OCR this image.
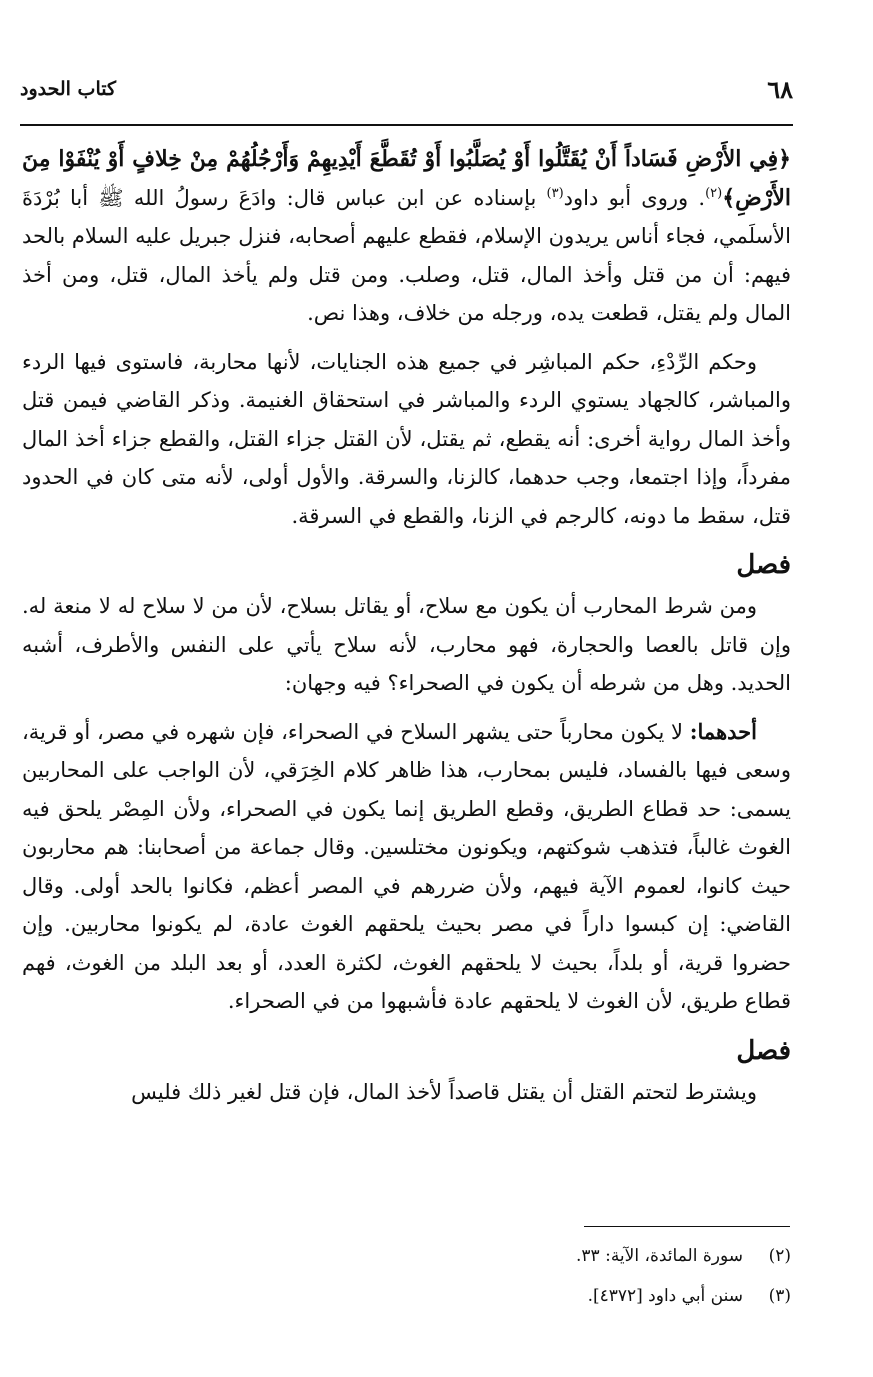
كتاب الحدود	٦٨

﴿فِي الأَرْضِ فَسَاداً أَنْ يُقَتَّلُوا أَوْ يُصَلَّبُوا أَوْ تُقَطَّعَ أَيْدِيهِمْ وَأَرْجُلُهُمْ مِنْ خِلافٍ أَوْ يُنْفَوْا مِنَ الأَرْضِ﴾$^{(٢)}$. وروى أبو داود$^{(٣)}$ بإسناده عن ابن عباس قال: وادَعَ رسولُ الله ﷺ أبا بُرْدَةَ الأسلَمي، فجاء أناس يريدون الإسلام، فقطع عليهم أصحابه، فنزل جبريل عليه السلام بالحد فيهم: أن من قتل وأخذ المال، قتل، وصلب. ومن قتل ولم يأخذ المال، قتل، ومن أخذ المال ولم يقتل، قطعت يده، ورجله من خلاف، وهذا نص.

وحكم الرِّدْءِ، حكم المباشِر في جميع هذه الجنايات، لأنها محاربة، فاستوى فيها الردء والمباشر، كالجهاد يستوي الردء والمباشر في استحقاق الغنيمة. وذكر القاضي فيمن قتل وأخذ المال رواية أخرى: أنه يقطع، ثم يقتل، لأن القتل جزاء القتل، والقطع جزاء أخذ المال مفرداً، وإذا اجتمعا، وجب حدهما، كالزنا، والسرقة. والأول أولى، لأنه متى كان في الحدود قتل، سقط ما دونه، كالرجم في الزنا، والقطع في السرقة.

فصل

ومن شرط المحارب أن يكون مع سلاح، أو يقاتل بسلاح، لأن من لا سلاح له لا منعة له. وإن قاتل بالعصا والحجارة، فهو محارب، لأنه سلاح يأتي على النفس والأطرف، أشبه الحديد. وهل من شرطه أن يكون في الصحراء؟ فيه وجهان:

أحدهما: لا يكون محارباً حتى يشهر السلاح في الصحراء، فإن شهره في مصر، أو قرية، وسعى فيها بالفساد، فليس بمحارب، هذا ظاهر كلام الخِرَقي، لأن الواجب على المحاربين يسمى: حد قطاع الطريق، وقطع الطريق إنما يكون في الصحراء، ولأن المِصْر يلحق فيه الغوث غالباً، فتذهب شوكتهم، ويكونون مختلسين. وقال جماعة من أصحابنا: هم محاربون حيث كانوا، لعموم الآية فيهم، ولأن ضررهم في المصر أعظم، فكانوا بالحد أولى. وقال القاضي: إن كبسوا داراً في مصر بحيث يلحقهم الغوث عادة، لم يكونوا محاربين. وإن حضروا قرية، أو بلداً، بحيث لا يلحقهم الغوث، لكثرة العدد، أو بعد البلد من الغوث، فهم قطاع طريق، لأن الغوث لا يلحقهم عادة فأشبهوا من في الصحراء.

فصل

ويشترط لتحتم القتل أن يقتل قاصداً لأخذ المال، فإن قتل لغير ذلك فليس

(٢)
سورة المائدة، الآية: ٣٣.
(٣)
سنن أبي داود [٤٣٧٢].
